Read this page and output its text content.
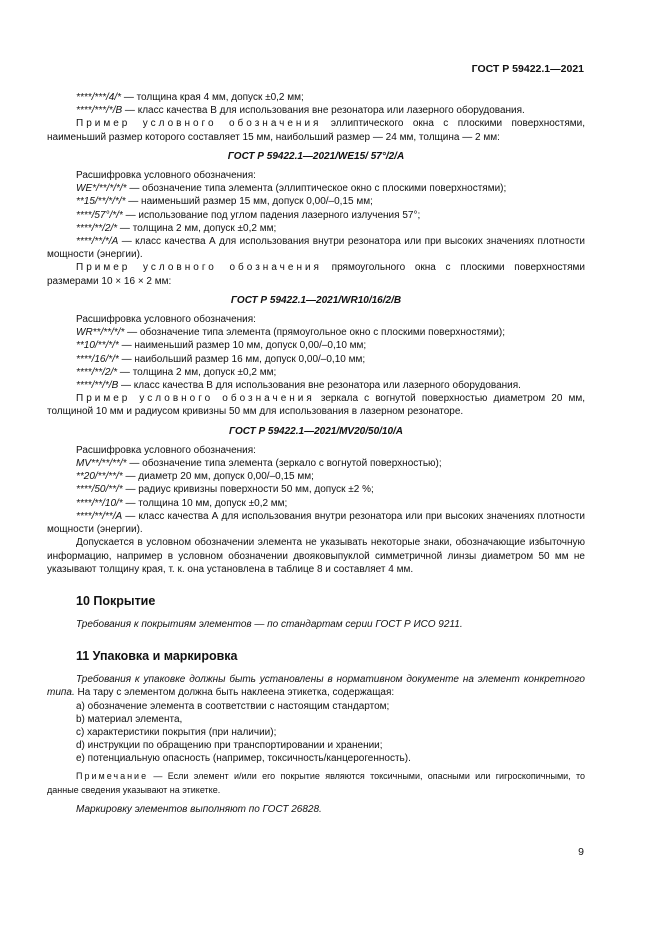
ГОСТ Р 59422.1—2021

****/***/4/* — толщина края 4 мм, допуск ±0,2 мм;

****/***/*/В — класс качества В для использования вне резонатора или лазерного оборудования.

Пример условного обозначения эллиптического окна с плоскими поверхностями, наименьший размер которого составляет 15 мм, наибольший размер — 24 мм, толщина — 2 мм:

ГОСТ Р 59422.1—2021/WE15/ 57°/2/А

Расшифровка условного обозначения:

WE*/**/*/*/* — обозначение типа элемента (эллиптическое окно с плоскими поверхностями);

**15/**/*/*/* — наименьший размер 15 мм, допуск 0,00/–0,15 мм;

****/57°/*/* — использование под углом падения лазерного излучения 57°;

****/**/2/* — толщина 2 мм, допуск ±0,2 мм;

****/**/*/А — класс качества А для использования внутри резонатора или при высоких значениях плотности мощности (энергии).

Пример условного обозначения прямоугольного окна с плоскими поверхностями размерами 10 × 16 × 2 мм:

ГОСТ Р 59422.1—2021/WR10/16/2/В

Расшифровка условного обозначения:

WR**/**/*/* — обозначение типа элемента (прямоугольное окно с плоскими поверхностями);

**10/**/*/* — наименьший размер 10 мм, допуск 0,00/–0,10 мм;

****/16/*/* — наибольший размер 16 мм, допуск 0,00/–0,10 мм;

****/**/2/* — толщина 2 мм, допуск ±0,2 мм;

****/**/*/В — класс качества В для использования вне резонатора или лазерного оборудования.

Пример условного обозначения зеркала с вогнутой поверхностью диаметром 20 мм, толщиной 10 мм и радиусом кривизны 50 мм для использования в лазерном резонаторе.

ГОСТ Р 59422.1—2021/MV20/50/10/А

Расшифровка условного обозначения:

MV**/**/**/* — обозначение типа элемента (зеркало с вогнутой поверхностью);

**20/**/**/* — диаметр 20 мм, допуск 0,00/–0,15 мм;

****/50/**/* — радиус кривизны поверхности 50 мм, допуск ±2 %;

****/**/10/* — толщина 10 мм, допуск ±0,2 мм;

****/**/**/А — класс качества А для использования внутри резонатора или при высоких значениях плотности мощности (энергии).

Допускается в условном обозначении элемента не указывать некоторые знаки, обозначающие избыточную информацию, например в условном обозначении двояковыпуклой симметричной линзы диаметром 50 мм не указывают толщину края, т. к. она установлена в таблице 8 и составляет 4 мм.

10 Покрытие

Требования к покрытиям элементов — по стандартам серии ГОСТ Р ИСО 9211.

11 Упаковка и маркировка

Требования к упаковке должны быть установлены в нормативном документе на элемент конкретного типа. На тару с элементом должна быть наклеена этикетка, содержащая:

a) обозначение элемента в соответствии с настоящим стандартом;

b) материал элемента,

c) характеристики покрытия (при наличии);

d) инструкции по обращению при транспортировании и хранении;

e) потенциальную опасность (например, токсичность/канцерогенность).

Примечание — Если элемент и/или его покрытие являются токсичными, опасными или гигроскопичными, то данные сведения указывают на этикетке.

Маркировку элементов выполняют по ГОСТ 26828.

9
